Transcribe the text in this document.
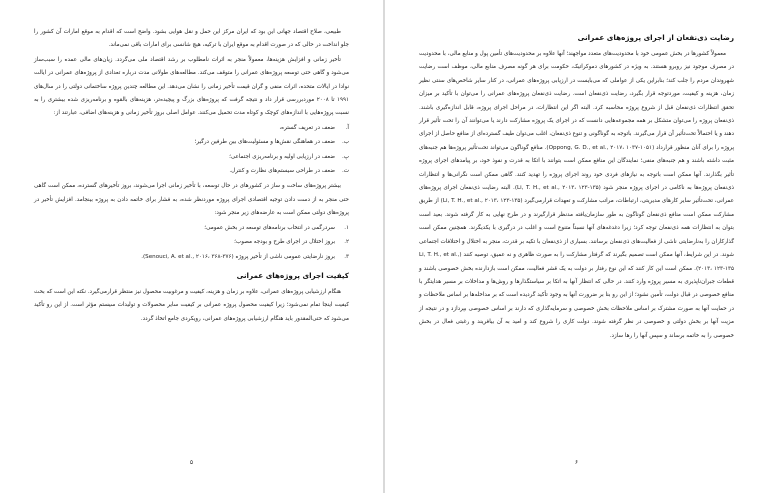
طبیعی، صلاح اقتصاد جهانی این بود که ایران مرکز این حمل و نقل هوایی بشود. واضح است که اقدام به موقع امارات آن کشور را جلو انداخت در حالی که در صورت اقدام به موقع ایران با ترکیه، هیچ شانسی برای امارات باقی نمی‌ماند.

تأخیر زمانی و افزایش هزینه‌ها، معمولاً منجر به اثرات نامطلوب بر رشد اقتصاد ملی می‌گردد. زیان‌های مالی عمده را سبب‌ساز می‌شود و گاهی حتی توسعه پروژه‌های عمرانی را متوقف می‌کند. مطالعه‌های طولانی مدت درباره تعدادی از پروژه‌های عمرانی در ایالت نوادا در ایالات متحده، اثرات منفی و گران قیمت تأخیر زمانی را نشان می‌دهد. این مطالعه چندین پروژه ساختمانی دولتی را در سال‌های ۱۹۹۱ تا ۲۰۰۸ موردبررسی قرار داد و نتیجه گرفت که پروژه‌های بزرگ و پیچیده‌تر، هزینه‌های بالقوه و برنامه‌ریزی شده بیشتری را به نسبت پروژه‌هایی با اندازه‌های کوچک و کوتاه مدت تحمیل می‌کنند. عوامل اصلی بروز تأخیر زمانی و هزینه‌های اضافی، عبارتند از:

آ.
ضعف در تعریف گستره،
ب.
ضعف در هماهنگی نقش‌ها و مسئولیت‌های بین طرفین درگیر؛
پ.
ضعف در ارزیابی اولیه و برنامه‌ریزی اجتماعی؛
ت.
ضعف در طراحی سیستم‌های نظارت و کنترل.

بیشتر پروژه‌های ساخت و ساز در کشورهای در حال توسعه، با تأخیر زمانی اجرا می‌شوند، بروز تأخیرهای گسترده، ممکن است گاهی حتی منجر به از دست دادن توجیه اقتصادی اجرای پروژه موردنظر شده، به فشار برای خاتمه دادن به پروژه بینجامد. افزایش تأخیر در پروژه‌های دولتی ممکن است به عارضه‌های زیر منجر شود:

۱.
سردرگمی در انتخاب برنامه‌های توسعه در بخش عمومی؛
۲.
بروز اختلال در اجرای طرح و بودجه مصوب؛
۳.
بروز نارضایتی عمومی ناشی از تأخیر پروژه (Senouci, A. et al., ۲۰۱۶، ۳۶۸-۳۷۶).
کیفیت اجرای پروژه‌های عمرانی

هنگام ارزشیابی پروژه‌های عمرانی، علاوه بر زمان و هزینه، کیفیت و مرغوبیت محصول نیز منتظر قرارمی‌گیرد. نکته این است که بحث کیفیت اینجا تمام نمی‌شود؛ زیرا کیفیت محصول پروژه عمرانی بر کیفیت سایر محصولات و تولیدات سیستم مؤثر است. از این رو تأکید می‌شود که حتی‌المقدور باید هنگام ارزشیابی پروژه‌های عمرانی، رویکردی جامع اتخاذ گردد.

۵
رضایت ذی‌نفعان از اجرای پروژه‌های عمرانی

معمولاً کشورها در بخش عمومی خود با محدودیت‌های متعدد مواجهند؛ آنها علاوه بر محدودیت‌های تأمین پول و منابع مالی، با محدودیت در مصرف موجود نیز روبرو هستند. به ویژه در کشورهای دموکراتیک، حکومت برای هر گونه مصرف منابع مالی، موظف است رضایت شهروندان مردم را جلب کند؛ بنابراین یکی از عواملی که می‌بایست در ارزیابی پروژه‌های عمرانی، در کنار سایر شاخص‌های سنتی نظیر زمان، هزینه و کیفیت، موردتوجه قرار بگیرد، رضایت ذی‌نفعان است. رضایت ذی‌نفعان پروژه‌های عمرانی را می‌توان با تأکید بر میزان تحقق انتظارات ذی‌نفعان قبل از شروع پروژه محاسبه کرد. البته اگر این انتظارات، در مراحل اجرای پروژه، قابل اندازه‌گیری باشند. ذی‌نفعان پروژه را می‌توان متشکل بر همه مجموعه‌هایی دانست که در اجرای یک پروژه مشارکت دارند یا می‌توانند آن را تحت تأثیر قرار دهند و یا احتمالاً تحت‌تأثیر آن قرار می‌گیرند. باتوجه به گوناگونی و تنوع ذی‌نفعان، اغلب می‌توان طیف گسترده‌ای از منافع حاصل از اجرای پروژه را برای آنان منظور قرارداد (Oppong, G. D., et al., ۲۰۱۷، ۱۰۳۷-۱۰۵۱). منافع گوناگون می‌تواند تحت‌تأثیر پروژه‌ها هم جنبه‌های مثبت داشته باشند و هم جنبه‌های منفی؛ نمایندگان این منافع ممکن است بتوانند با اتکا به قدرت و نفوذ خود، بر پیامدهای اجرای پروژه تأثیر بگذارند. آنها ممکن است باتوجه به نیازهای فردی خود روند اجرای پروژه را تهدید کنند. گاهی ممکن است نگرانی‌ها و انتظارات ذی‌نفعان پروژه‌ها به ناکامی در اجرای پروژه منجر شود (Li, T. H., et al., ۲۰۱۳، ۱۲۳-۱۳۵). البته رضایت ذی‌نفعان اجرای پروژه‌های عمرانی، تحت‌تأثیر سایر کارهای مدیریتی، ارتباطات، مراتب مشارکت و تعهدات قرارمی‌گیرد (Li, T. H., et al., ۲۰۱۳، ۱۲۳-۱۳۵) از طریق مشارکت ممکن است منافع ذی‌نفعان گوناگون به طور سازمان‌یافته مدنظر قرارگیرند و در طرح نهایی به کار گرفته شوند. بعید است بتوان به انتظارات همه ذی‌نفعان توجه کرد؛ زیرا دغدغه‌های آنها نسبتاً متنوع است و اغلب در درگیری با یکدیگرند. همچنین ممکن است گذارکاران را به‌نارضایتی ناشی از فعالیت‌های ذی‌نفعان برسانند. بسیاری از ذی‌نفعان با تکیه بر قدرت، منجر به اختلال و اختلافات اجتماعی شوند. در این شرایط، آنها ممکن است تصمیم بگیرند که گرفتار مشارکت را به صورت ظاهری و نه عمیق، توصیه کنند (Li, T. H., et al., ۲۰۱۳، ۱۲۳-۱۳۵). ممکن است این کار کنند که این نوع رفتار بر دولت به یک قشر فعالیت، ممکن است بازدارنده بخش خصوصی باشند و قطعات جبران‌ناپذیری به مسیر پروژه وارد کنند. در حالی که انتظار آنها به اتکا بر سیاستگذار‌ها و روش‌ها و مداخلات بر مسیر هدایتگر با منافع خصوصی در قبال دولت، تأمین نشود؛ از این رو بنا بر ضرورت آنها به وجود تأکید گردیده است که بر مداخله‌ها بر اساس ملاحظات و در حمایت آنها به صورت مشترک بر اساس ملاحظات بخش خصوصی و سرمایه‌گذاری که دارند بر اساس خصوصی بپردازد و در نتیجه از مزیت آنها بر بخش دولتی و خصوصی در نظر گرفته شوند. دولت کاری را شروع کند و امید به آن بیافریند و رغبتی فعال در بخش خصوصی را به خاتمه برساند و سپس آنها را رها سازد.

۶
